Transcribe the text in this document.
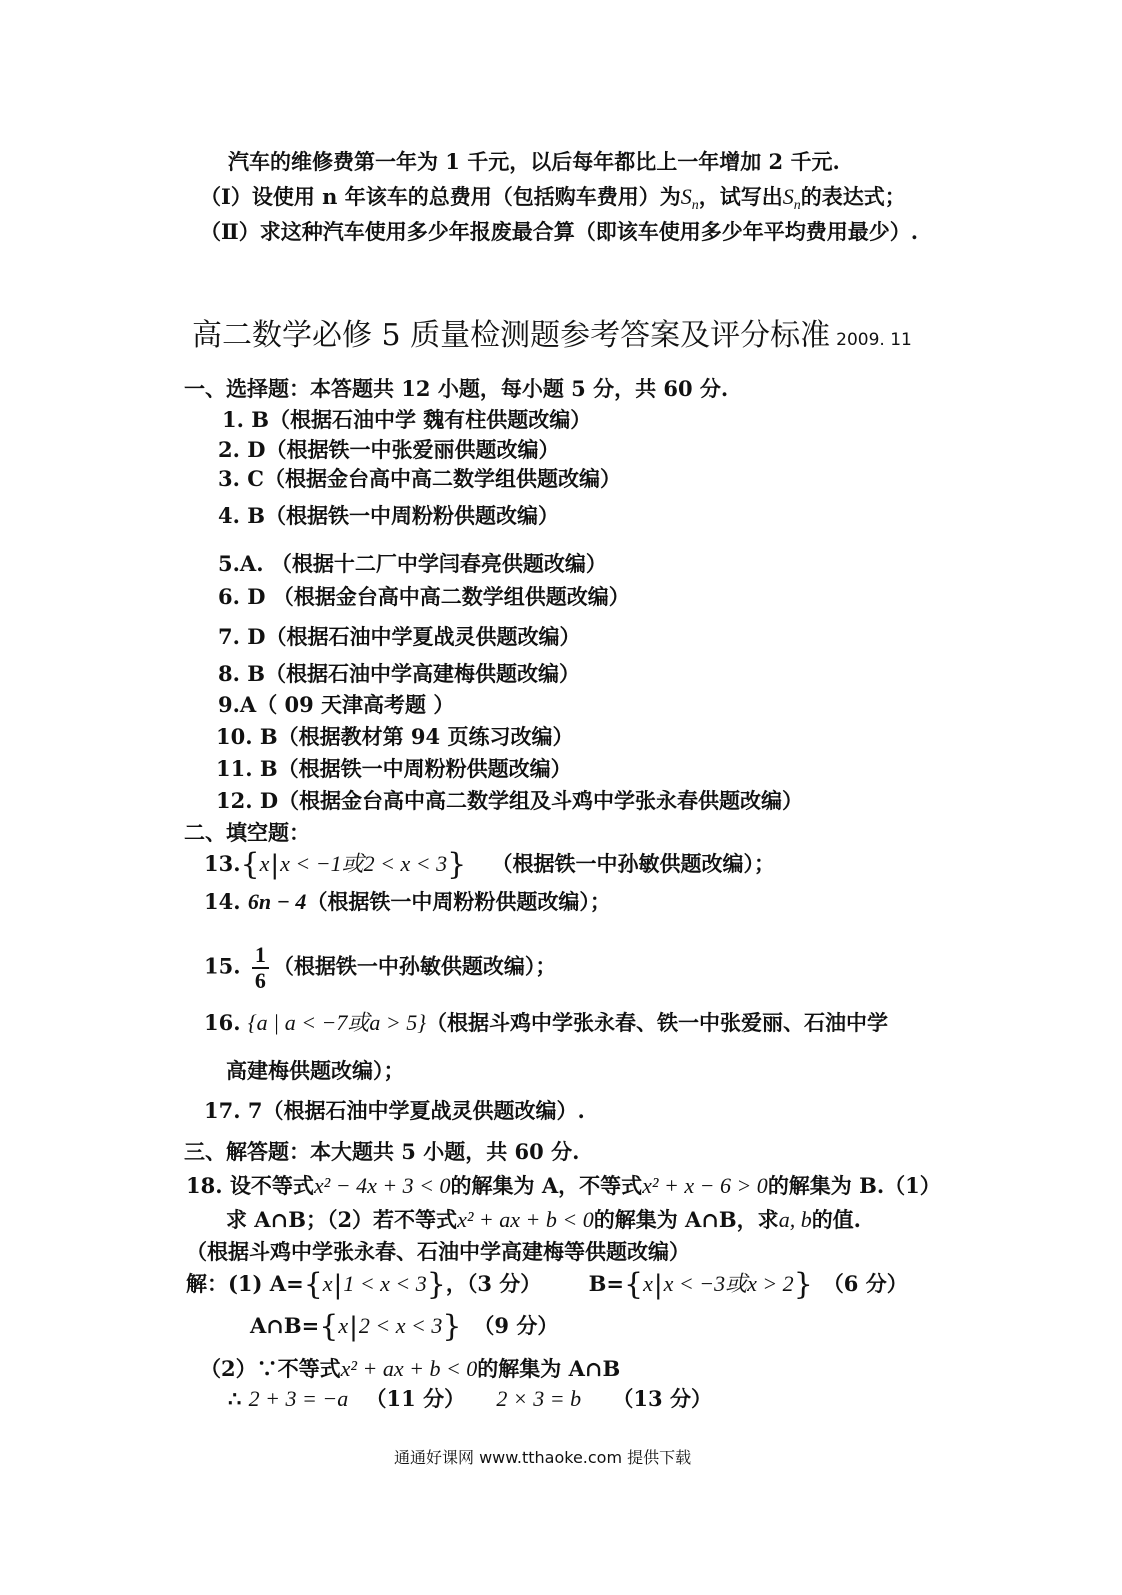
汽车的维修费第一年为 1 千元，以后每年都比上一年增加 2 千元.
（Ⅰ）设使用 n 年该车的总费用（包括购车费用）为$S_n$，试写出$S_n$的表达式；
（Ⅱ）求这种汽车使用多少年报废最合算（即该车使用多少年平均费用最少）.
高二数学必修 5 质量检测题参考答案及评分标准 2009. 11
一、选择题：本答题共 12 小题，每小题 5 分，共 60 分.
1. B（根据石油中学 魏有柱供题改编）
2. D（根据铁一中张爱丽供题改编）
3. C（根据金台高中高二数学组供题改编）
4. B（根据铁一中周粉粉供题改编）
5.A. （根据十二厂中学闫春亮供题改编）
6. D （根据金台高中高二数学组供题改编）
7. D（根据石油中学夏战灵供题改编）
8. B（根据石油中学高建梅供题改编）
9.A（ 09 天津高考题 ）
10. B（根据教材第 94 页练习改编）
11. B（根据铁一中周粉粉供题改编）
12. D（根据金台高中高二数学组及斗鸡中学张永春供题改编）
二、填空题：
13.{x|x < −1或2 < x < 3} （根据铁一中孙敏供题改编）；
14. 6n − 4（根据铁一中周粉粉供题改编）；
15. $\frac{1}{6}$ （根据铁一中孙敏供题改编）；
16. {a | a < −7或a > 5}（根据斗鸡中学张永春、铁一中张爱丽、石油中学
高建梅供题改编）；
17. 7（根据石油中学夏战灵供题改编）.
三、解答题：本大题共 5 小题，共 60 分.
18. 设不等式x² − 4x + 3 < 0的解集为 A，不等式x² + x − 6 > 0的解集为 B.（1）
求 A∩B；（2）若不等式x² + ax + b < 0的解集为 A∩B，求a, b的值.
（根据斗鸡中学张永春、石油中学高建梅等供题改编）
解：(1) A={x|1 < x < 3}，（3 分） B={x|x < −3或x > 2} （6 分）
A∩B={x|2 < x < 3} （9 分）
（2）∵不等式x² + ax + b < 0的解集为 A∩B
∴ 2 + 3 = −a （11 分） 2 × 3 = b （13 分）
通通好课网 www.tthaoke.com 提供下载
